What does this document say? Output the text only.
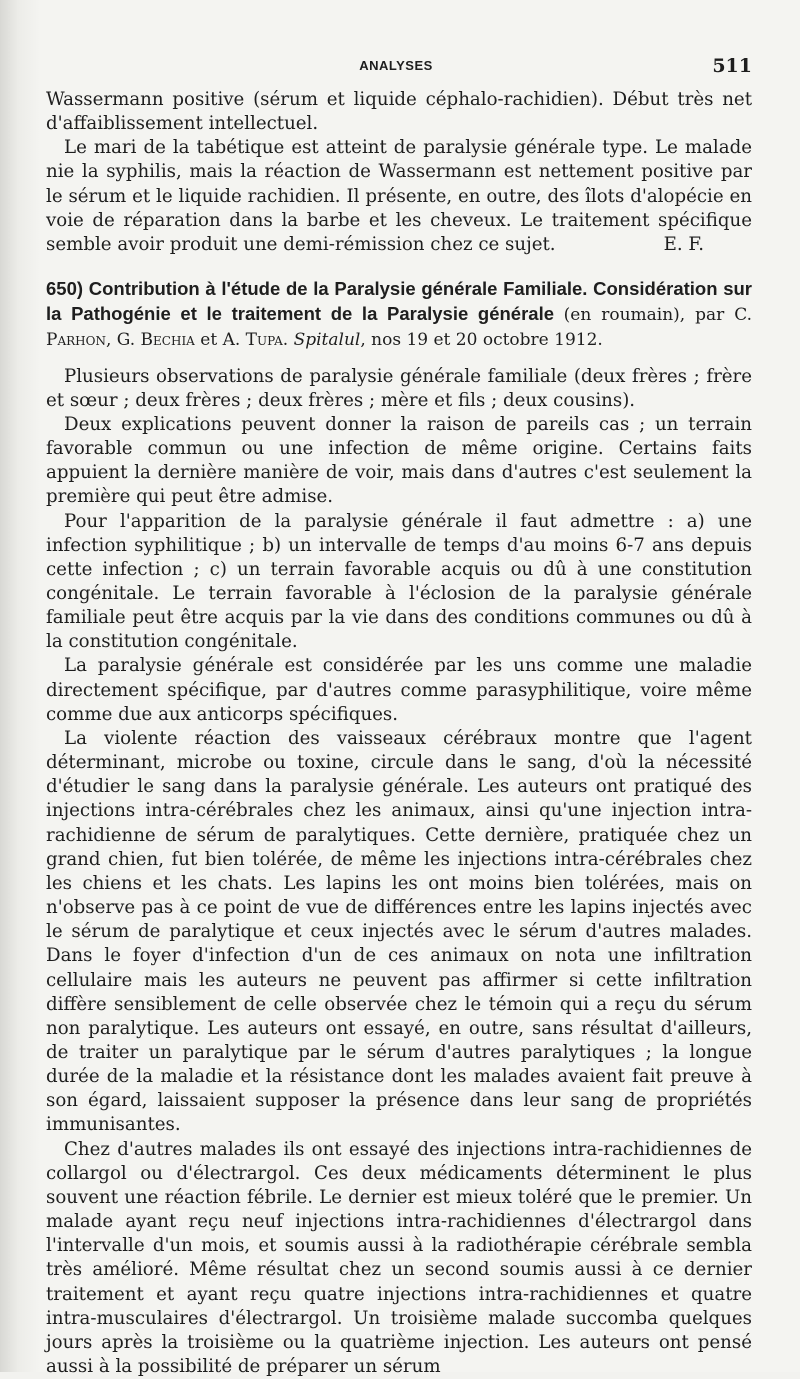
ANALYSES	511

Wassermann positive (sérum et liquide céphalo-rachidien). Début très net d'affaiblissement intellectuel.

Le mari de la tabétique est atteint de paralysie générale type. Le malade nie la syphilis, mais la réaction de Wassermann est nettement positive par le sérum et le liquide rachidien. Il présente, en outre, des îlots d'alopécie en voie de réparation dans la barbe et les cheveux. Le traitement spécifique semble avoir produit une demi-rémission chez ce sujet.	E. F.

650) Contribution à l'étude de la Paralysie générale Familiale. Considération sur la Pathogénie et le traitement de la Paralysie générale (en roumain), par C. Parhon, G. Bechia et A. Tupa. Spitalul, nos 19 et 20 octobre 1912.

Plusieurs observations de paralysie générale familiale (deux frères ; frère et sœur ; deux frères ; deux frères ; mère et fils ; deux cousins).

Deux explications peuvent donner la raison de pareils cas ; un terrain favorable commun ou une infection de même origine. Certains faits appuient la dernière manière de voir, mais dans d'autres c'est seulement la première qui peut être admise.

Pour l'apparition de la paralysie générale il faut admettre : a) une infection syphilitique ; b) un intervalle de temps d'au moins 6-7 ans depuis cette infection ; c) un terrain favorable acquis ou dû à une constitution congénitale. Le terrain favorable à l'éclosion de la paralysie générale familiale peut être acquis par la vie dans des conditions communes ou dû à la constitution congénitale.

La paralysie générale est considérée par les uns comme une maladie directement spécifique, par d'autres comme parasyphilitique, voire même comme due aux anticorps spécifiques.

La violente réaction des vaisseaux cérébraux montre que l'agent déterminant, microbe ou toxine, circule dans le sang, d'où la nécessité d'étudier le sang dans la paralysie générale. Les auteurs ont pratiqué des injections intra-cérébrales chez les animaux, ainsi qu'une injection intra-rachidienne de sérum de paralytiques. Cette dernière, pratiquée chez un grand chien, fut bien tolérée, de même les injections intra-cérébrales chez les chiens et les chats. Les lapins les ont moins bien tolérées, mais on n'observe pas à ce point de vue de différences entre les lapins injectés avec le sérum de paralytique et ceux injectés avec le sérum d'autres malades. Dans le foyer d'infection d'un de ces animaux on nota une infiltration cellulaire mais les auteurs ne peuvent pas affirmer si cette infiltration diffère sensiblement de celle observée chez le témoin qui a reçu du sérum non paralytique. Les auteurs ont essayé, en outre, sans résultat d'ailleurs, de traiter un paralytique par le sérum d'autres paralytiques ; la longue durée de la maladie et la résistance dont les malades avaient fait preuve à son égard, laissaient supposer la présence dans leur sang de propriétés immunisantes.

Chez d'autres malades ils ont essayé des injections intra-rachidiennes de collargol ou d'électrargol. Ces deux médicaments déterminent le plus souvent une réaction fébrile. Le dernier est mieux toléré que le premier. Un malade ayant reçu neuf injections intra-rachidiennes d'électrargol dans l'intervalle d'un mois, et soumis aussi à la radiothérapie cérébrale sembla très amélioré. Même résultat chez un second soumis aussi à ce dernier traitement et ayant reçu quatre injections intra-rachidiennes et quatre intra-musculaires d'électrargol. Un troisième malade succomba quelques jours après la troisième ou la quatrième injection. Les auteurs ont pensé aussi à la possibilité de préparer un sérum
